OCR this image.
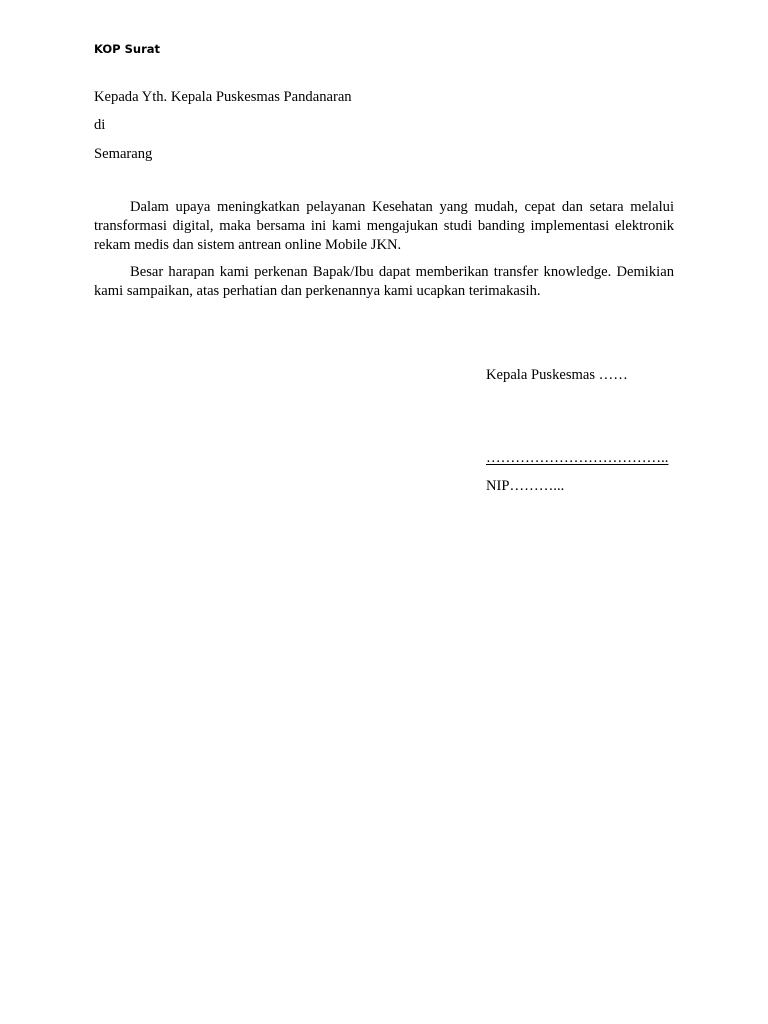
KOP Surat
Kepada Yth. Kepala Puskesmas Pandanaran
di
Semarang

Dalam upaya meningkatkan pelayanan Kesehatan yang mudah, cepat dan setara melalui transformasi digital, maka bersama ini kami mengajukan studi banding implementasi elektronik rekam medis dan sistem antrean online Mobile JKN.

Besar harapan kami perkenan Bapak/Ibu dapat memberikan transfer knowledge. Demikian kami sampaikan, atas perhatian dan perkenannya kami ucapkan terimakasih.

Kepala Puskesmas ……
………………………………..
NIP………...
